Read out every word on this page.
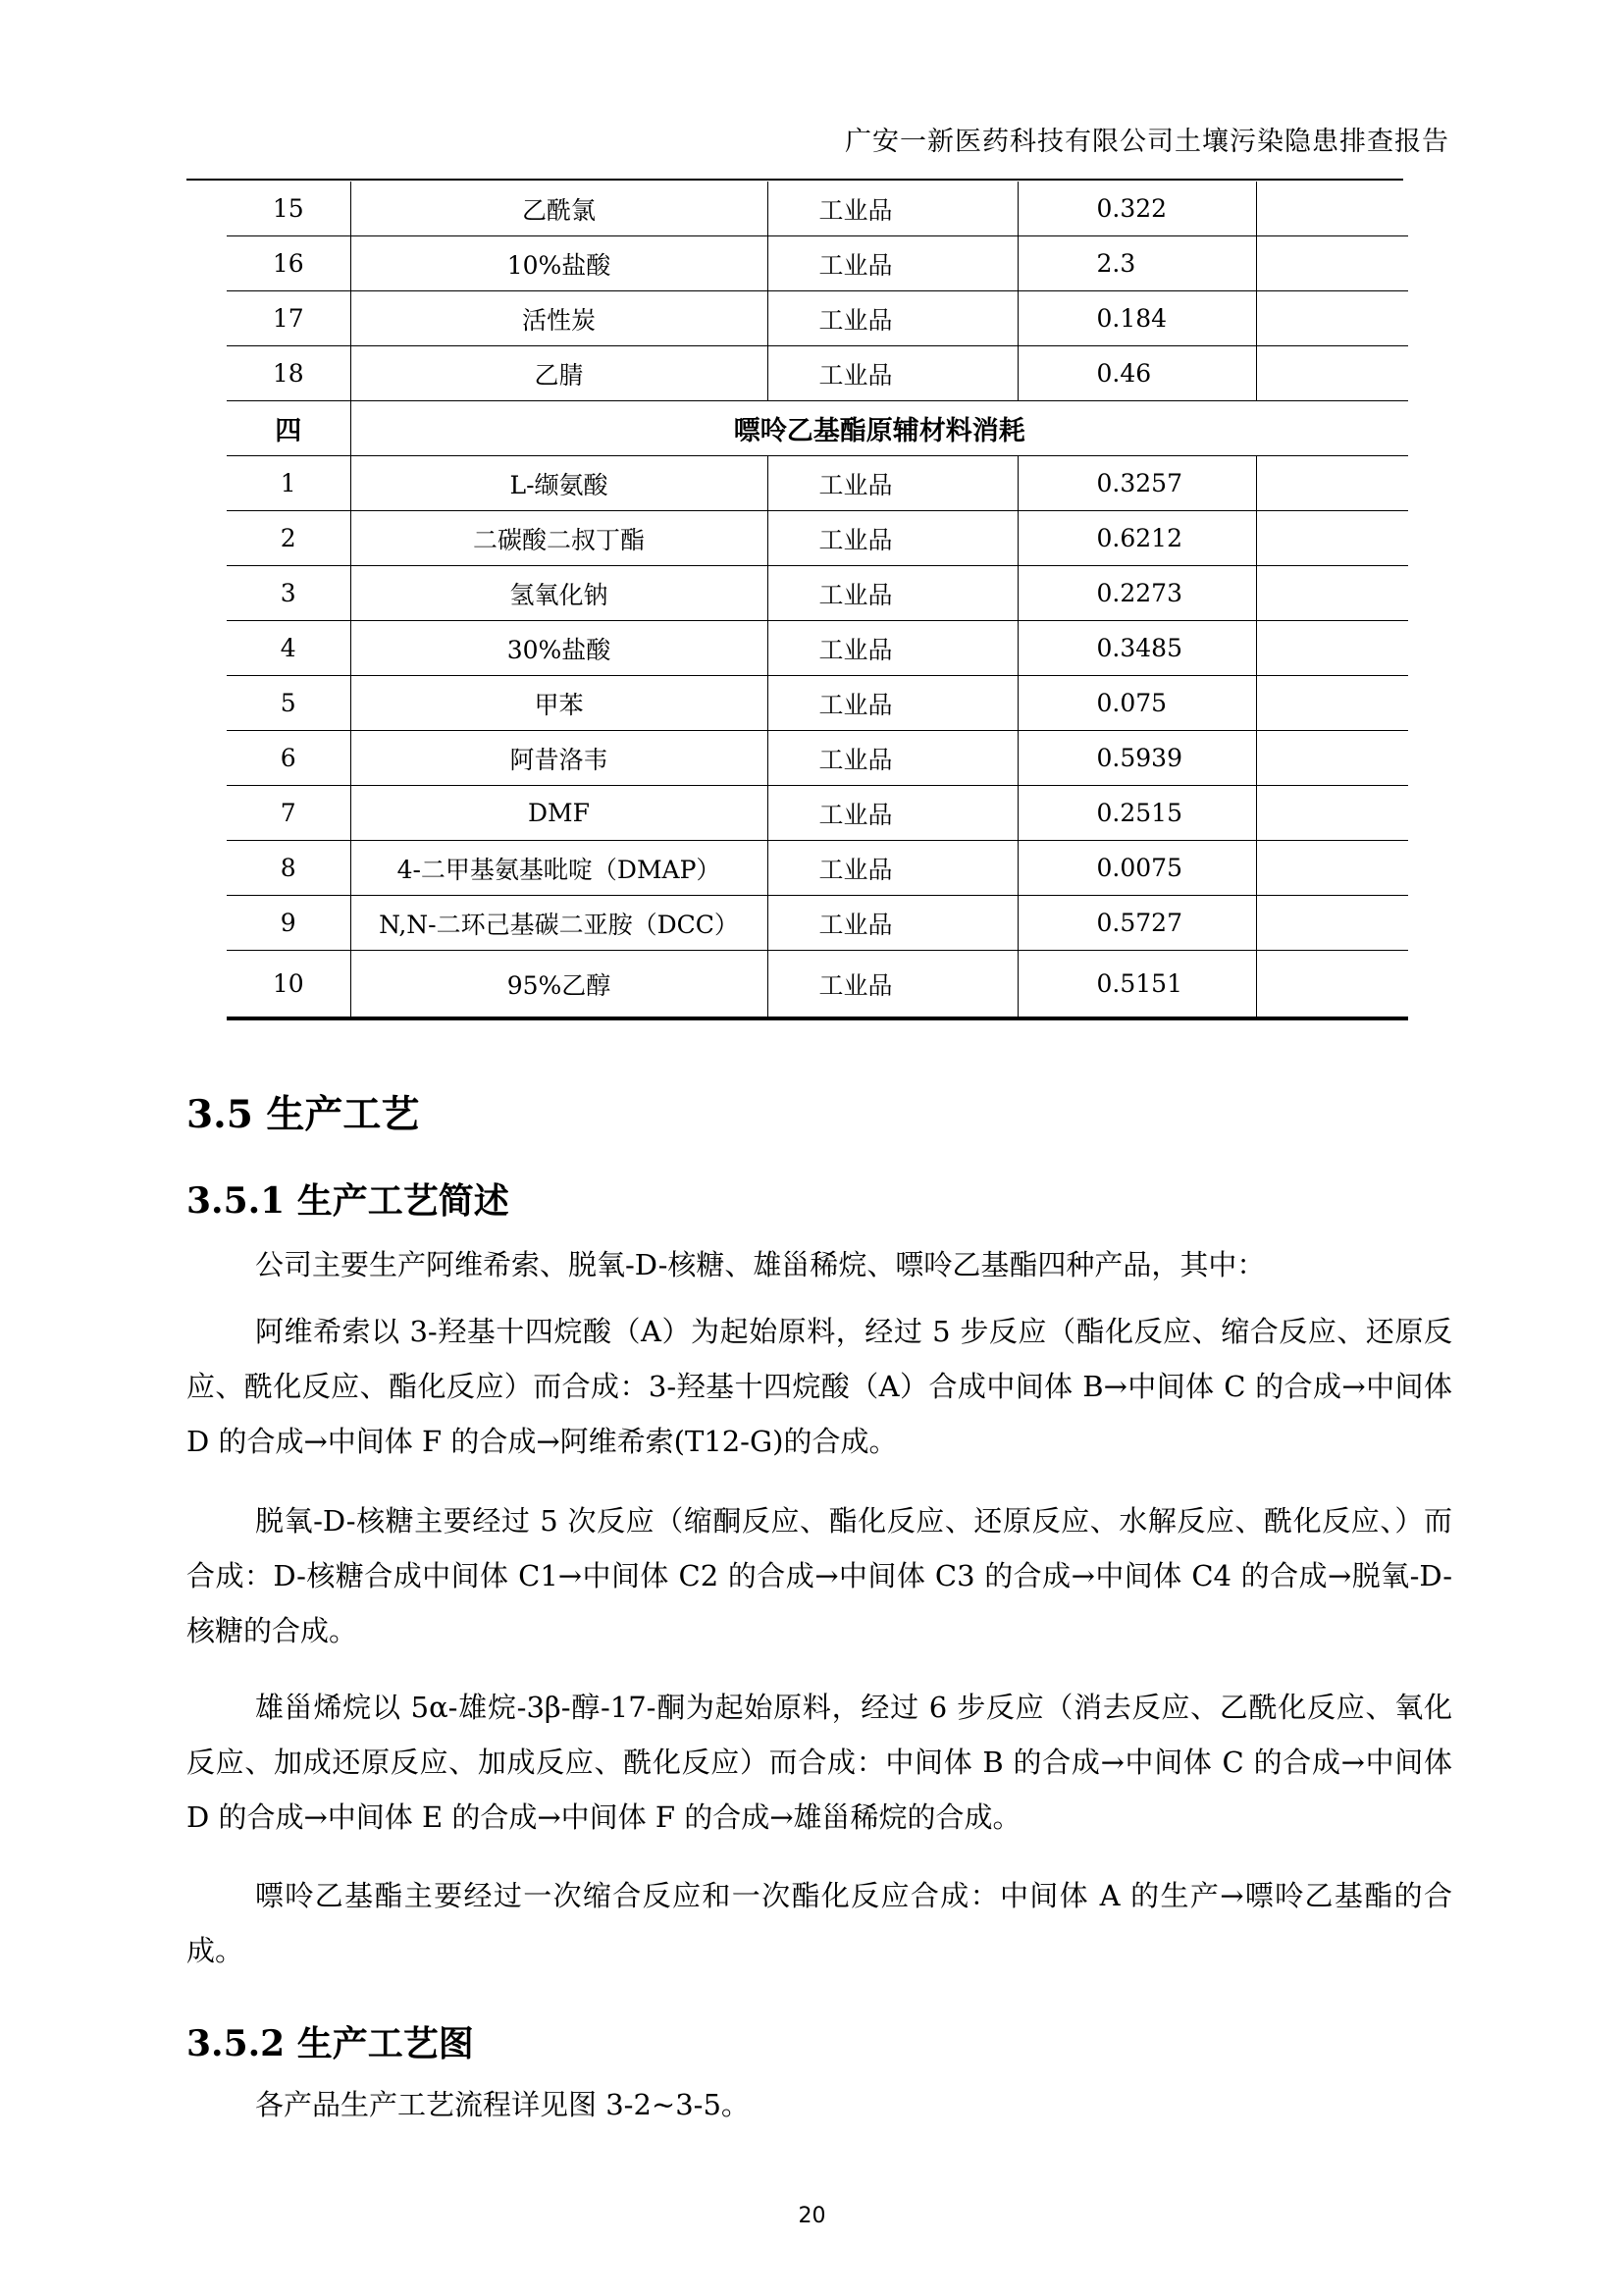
广安一新医药科技有限公司土壤污染隐患排查报告
15	乙酰氯	工业品	0.322	
16	10%盐酸	工业品	2.3	
17	活性炭	工业品	0.184	
18	乙腈	工业品	0.46	
四	嘌呤乙基酯原辅材料消耗			
1	L-缬氨酸	工业品	0.3257	
2	二碳酸二叔丁酯	工业品	0.6212	
3	氢氧化钠	工业品	0.2273	
4	30%盐酸	工业品	0.3485	
5	甲苯	工业品	0.075	
6	阿昔洛韦	工业品	0.5939	
7	DMF	工业品	0.2515	
8	4-二甲基氨基吡啶（DMAP）	工业品	0.0075	
9	N,N-二环己基碳二亚胺（DCC）	工业品	0.5727	
10	95%乙醇	工业品	0.5151	
3.5 生产工艺
3.5.1 生产工艺简述
公司主要生产阿维希索、脱氧-D-核糖、雄甾稀烷、嘌呤乙基酯四种产品，其中：
阿维希索以 3-羟基十四烷酸（A）为起始原料，经过 5 步反应（酯化反应、缩合反应、还原反应、酰化反应、酯化反应）而合成：3-羟基十四烷酸（A）合成中间体 B→中间体 C 的合成→中间体 D 的合成→中间体 F 的合成→阿维希索(T12-G)的合成。
脱氧-D-核糖主要经过 5 次反应（缩酮反应、酯化反应、还原反应、水解反应、酰化反应、）而合成：D-核糖合成中间体 C1→中间体 C2 的合成→中间体 C3 的合成→中间体 C4 的合成→脱氧-D-核糖的合成。
雄甾烯烷以 5α-雄烷-3β-醇-17-酮为起始原料，经过 6 步反应（消去反应、乙酰化反应、氧化反应、加成还原反应、加成反应、酰化反应）而合成：中间体 B 的合成→中间体 C 的合成→中间体 D 的合成→中间体 E 的合成→中间体 F 的合成→雄甾稀烷的合成。
嘌呤乙基酯主要经过一次缩合反应和一次酯化反应合成：中间体 A 的生产→嘌呤乙基酯的合成。
3.5.2 生产工艺图
各产品生产工艺流程详见图 3-2~3-5。
20
